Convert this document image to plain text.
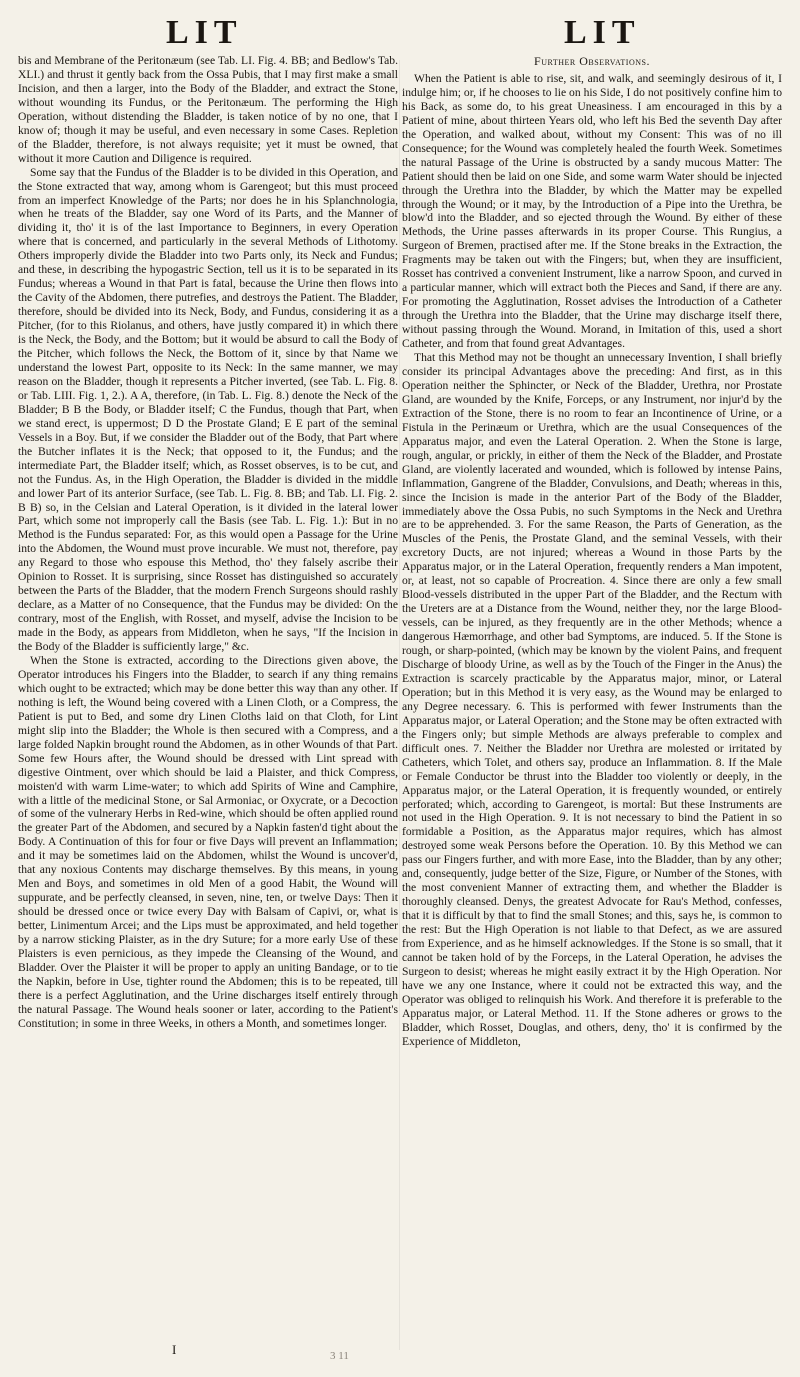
LIT	LIT

bis and Membrane of the Peritonæum (see Tab. LI. Fig. 4. BB; and Bedlow's Tab. XLI.) and thrust it gently back from the Ossa Pubis, that I may first make a small Incision, and then a larger, into the Body of the Bladder, and extract the Stone, without wounding its Fundus, or the Peritonæum. The performing the High Operation, without distending the Bladder, is taken notice of by no one, that I know of; though it may be useful, and even necessary in some Cases. Repletion of the Bladder, therefore, is not always requisite; yet it must be owned, that without it more Caution and Diligence is required.

Some say that the Fundus of the Bladder is to be divided in this Operation, and the Stone extracted that way, among whom is Garengeot; but this must proceed from an imperfect Knowledge of the Parts; nor does he in his Splanchnologia, when he treats of the Bladder, say one Word of its Parts, and the Manner of dividing it, tho' it is of the last Importance to Beginners, in every Operation where that is concerned, and particularly in the several Methods of Lithotomy. Others improperly divide the Bladder into two Parts only, its Neck and Fundus; and these, in describing the hypogastric Section, tell us it is to be separated in its Fundus; whereas a Wound in that Part is fatal, because the Urine then flows into the Cavity of the Abdomen, there putrefies, and destroys the Patient. The Bladder, therefore, should be divided into its Neck, Body, and Fundus, considering it as a Pitcher, (for to this Riolanus, and others, have justly compared it) in which there is the Neck, the Body, and the Bottom; but it would be absurd to call the Body of the Pitcher, which follows the Neck, the Bottom of it, since by that Name we understand the lowest Part, opposite to its Neck: In the same manner, we may reason on the Bladder, though it represents a Pitcher inverted, (see Tab. L. Fig. 8. or Tab. LIII. Fig. 1, 2.). A A, therefore, (in Tab. L. Fig. 8.) denote the Neck of the Bladder; B B the Body, or Bladder itself; C the Fundus, though that Part, when we stand erect, is uppermost; D D the Prostate Gland; E E part of the seminal Vessels in a Boy. But, if we consider the Bladder out of the Body, that Part where the Butcher inflates it is the Neck; that opposed to it, the Fundus; and the intermediate Part, the Bladder itself; which, as Rosset observes, is to be cut, and not the Fundus. As, in the High Operation, the Bladder is divided in the middle and lower Part of its anterior Surface, (see Tab. L. Fig. 8. BB; and Tab. LI. Fig. 2. B B) so, in the Celsian and Lateral Operation, is it divided in the lateral lower Part, which some not improperly call the Basis (see Tab. L. Fig. 1.): But in no Method is the Fundus separated: For, as this would open a Passage for the Urine into the Abdomen, the Wound must prove incurable. We must not, therefore, pay any Regard to those who espouse this Method, tho' they falsely ascribe their Opinion to Rosset. It is surprising, since Rosset has distinguished so accurately between the Parts of the Bladder, that the modern French Surgeons should rashly declare, as a Matter of no Consequence, that the Fundus may be divided: On the contrary, most of the English, with Rosset, and myself, advise the Incision to be made in the Body, as appears from Middleton, when he says, "If the Incision in the Body of the Bladder is sufficiently large," &c.

When the Stone is extracted, according to the Directions given above, the Operator introduces his Fingers into the Bladder, to search if any thing remains which ought to be extracted; which may be done better this way than any other. If nothing is left, the Wound being covered with a Linen Cloth, or a Compress, the Patient is put to Bed, and some dry Linen Cloths laid on that Cloth, for Lint might slip into the Bladder; the Whole is then secured with a Compress, and a large folded Napkin brought round the Abdomen, as in other Wounds of that Part. Some few Hours after, the Wound should be dressed with Lint spread with digestive Ointment, over which should be laid a Plaister, and thick Compress, moisten'd with warm Lime-water; to which add Spirits of Wine and Camphire, with a little of the medicinal Stone, or Sal Armoniac, or Oxycrate, or a Decoction of some of the vulnerary Herbs in Red-wine, which should be often applied round the greater Part of the Abdomen, and secured by a Napkin fasten'd tight about the Body. A Continuation of this for four or five Days will prevent an Inflammation; and it may be sometimes laid on the Abdomen, whilst the Wound is uncover'd, that any noxious Contents may discharge themselves. By this means, in young Men and Boys, and sometimes in old Men of a good Habit, the Wound will suppurate, and be perfectly cleansed, in seven, nine, ten, or twelve Days: Then it should be dressed once or twice every Day with Balsam of Capivi, or, what is better, Linimentum Arcei; and the Lips must be approximated, and held together by a narrow sticking Plaister, as in the dry Suture; for a more early Use of these Plaisters is even pernicious, as they impede the Cleansing of the Wound, and Bladder. Over the Plaister it will be proper to apply an uniting Bandage, or to tie the Napkin, before in Use, tighter round the Abdomen; this is to be repeated, till there is a perfect Agglutination, and the Urine discharges itself entirely through the natural Passage. The Wound heals sooner or later, according to the Patient's Constitution; in some in three Weeks, in others a Month, and sometimes longer.

Further Observations.

When the Patient is able to rise, sit, and walk, and seemingly desirous of it, I indulge him; or, if he chooses to lie on his Side, I do not positively confine him to his Back, as some do, to his great Uneasiness. I am encouraged in this by a Patient of mine, about thirteen Years old, who left his Bed the seventh Day after the Operation, and walked about, without my Consent: This was of no ill Consequence; for the Wound was completely healed the fourth Week. Sometimes the natural Passage of the Urine is obstructed by a sandy mucous Matter: The Patient should then be laid on one Side, and some warm Water should be injected through the Urethra into the Bladder, by which the Matter may be expelled through the Wound; or it may, by the Introduction of a Pipe into the Urethra, be blow'd into the Bladder, and so ejected through the Wound. By either of these Methods, the Urine passes afterwards in its proper Course. This Rungius, a Surgeon of Bremen, practised after me. If the Stone breaks in the Extraction, the Fragments may be taken out with the Fingers; but, when they are insufficient, Rosset has contrived a convenient Instrument, like a narrow Spoon, and curved in a particular manner, which will extract both the Pieces and Sand, if there are any. For promoting the Agglutination, Rosset advises the Introduction of a Catheter through the Urethra into the Bladder, that the Urine may discharge itself there, without passing through the Wound. Morand, in Imitation of this, used a short Catheter, and from that found great Advantages.

That this Method may not be thought an unnecessary Invention, I shall briefly consider its principal Advantages above the preceding: And first, as in this Operation neither the Sphincter, or Neck of the Bladder, Urethra, nor Prostate Gland, are wounded by the Knife, Forceps, or any Instrument, nor injur'd by the Extraction of the Stone, there is no room to fear an Incontinence of Urine, or a Fistula in the Perinæum or Urethra, which are the usual Consequences of the Apparatus major, and even the Lateral Operation. 2. When the Stone is large, rough, angular, or prickly, in either of them the Neck of the Bladder, and Prostate Gland, are violently lacerated and wounded, which is followed by intense Pains, Inflammation, Gangrene of the Bladder, Convulsions, and Death; whereas in this, since the Incision is made in the anterior Part of the Body of the Bladder, immediately above the Ossa Pubis, no such Symptoms in the Neck and Urethra are to be apprehended. 3. For the same Reason, the Parts of Generation, as the Muscles of the Penis, the Prostate Gland, and the seminal Vessels, with their excretory Ducts, are not injured; whereas a Wound in those Parts by the Apparatus major, or in the Lateral Operation, frequently renders a Man impotent, or, at least, not so capable of Procreation. 4. Since there are only a few small Blood-vessels distributed in the upper Part of the Bladder, and the Rectum with the Ureters are at a Distance from the Wound, neither they, nor the large Blood-vessels, can be injured, as they frequently are in the other Methods; whence a dangerous Hæmorrhage, and other bad Symptoms, are induced. 5. If the Stone is rough, or sharp-pointed, (which may be known by the violent Pains, and frequent Discharge of bloody Urine, as well as by the Touch of the Finger in the Anus) the Extraction is scarcely practicable by the Apparatus major, minor, or Lateral Operation; but in this Method it is very easy, as the Wound may be enlarged to any Degree necessary. 6. This is performed with fewer Instruments than the Apparatus major, or Lateral Operation; and the Stone may be often extracted with the Fingers only; but simple Methods are always preferable to complex and difficult ones. 7. Neither the Bladder nor Urethra are molested or irritated by Catheters, which Tolet, and others say, produce an Inflammation. 8. If the Male or Female Conductor be thrust into the Bladder too violently or deeply, in the Apparatus major, or the Lateral Operation, it is frequently wounded, or entirely perforated; which, according to Garengeot, is mortal: But these Instruments are not used in the High Operation. 9. It is not necessary to bind the Patient in so formidable a Position, as the Apparatus major requires, which has almost destroyed some weak Persons before the Operation. 10. By this Method we can pass our Fingers further, and with more Ease, into the Bladder, than by any other; and, consequently, judge better of the Size, Figure, or Number of the Stones, with the most convenient Manner of extracting them, and whether the Bladder is thoroughly cleansed. Denys, the greatest Advocate for Rau's Method, confesses, that it is difficult by that to find the small Stones; and this, says he, is common to the rest: But the High Operation is not liable to that Defect, as we are assured from Experience, and as he himself acknowledges. If the Stone is so small, that it cannot be taken hold of by the Forceps, in the Lateral Operation, he advises the Surgeon to desist; whereas he might easily extract it by the High Operation. Nor have we any one Instance, where it could not be extracted this way, and the Operator was obliged to relinquish his Work. And therefore it is preferable to the Apparatus major, or Lateral Method. 11. If the Stone adheres or grows to the Bladder, which Rosset, Douglas, and others, deny, tho' it is confirmed by the Experience of Middleton,

I	3 11
